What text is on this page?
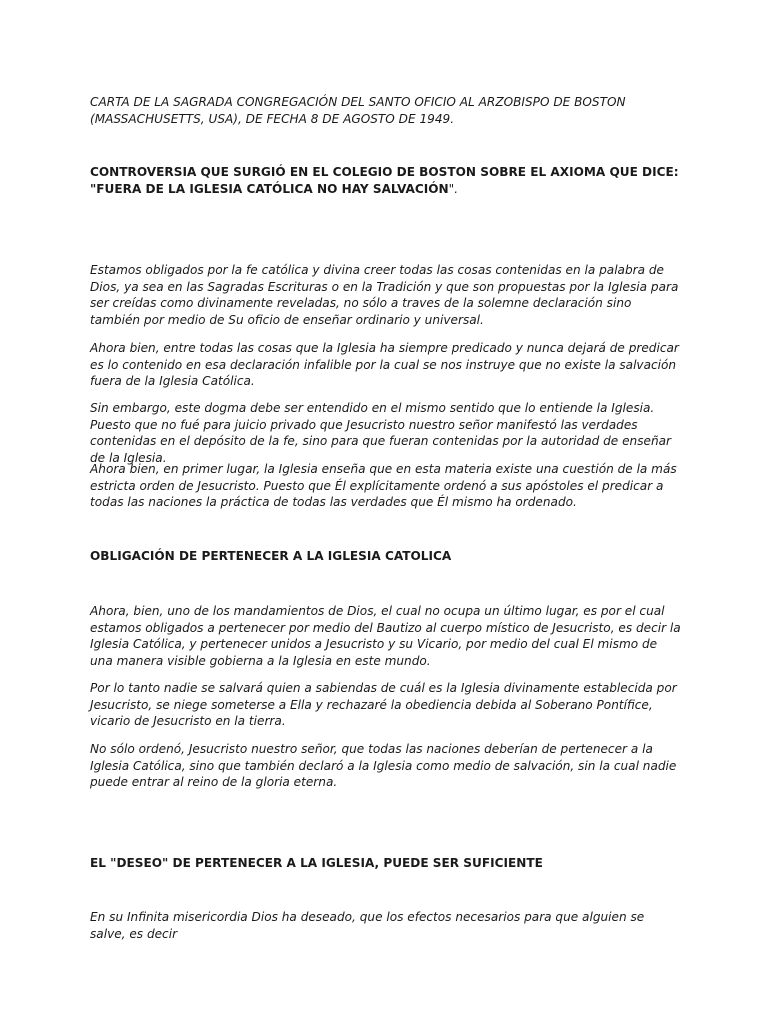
CARTA DE LA SAGRADA CONGREGACIÓN DEL SANTO OFICIO AL ARZOBISPO DE BOSTON (MASSACHUSETTS, USA), DE FECHA 8 DE AGOSTO DE 1949.

CONTROVERSIA QUE SURGIÓ EN EL COLEGIO DE BOSTON SOBRE EL AXIOMA QUE DICE: "FUERA DE LA IGLESIA CATÓLICA NO HAY SALVACIÓN".

Estamos obligados por la fe católica y divina creer todas las cosas contenidas en la palabra de Dios, ya sea en las Sagradas Escrituras o en la Tradición y que son propuestas por la Iglesia para ser creídas como divinamente reveladas, no sólo a traves de la solemne declaración sino también por medio de Su oficio de enseñar ordinario y universal.

Ahora bien, entre todas las cosas que la Iglesia ha siempre predicado y nunca dejará de predicar es lo contenido en esa declaración infalible por la cual se nos instruye que no existe la salvación fuera de la Iglesia Católica.

Sin embargo, este dogma debe ser entendido en el mismo sentido que lo entiende la Iglesia. Puesto que no fué para juicio privado que Jesucristo nuestro señor manifestó las verdades contenidas en el depósito de la fe, sino para que fueran contenidas por la autoridad de enseñar de la Iglesia.

Ahora bien, en primer lugar, la Iglesia enseña que en esta materia existe una cuestión de la más estricta orden de Jesucristo. Puesto que Él explícitamente ordenó a sus apóstoles el predicar a todas las naciones la práctica de todas las verdades que Él mismo ha ordenado.

OBLIGACIÓN DE PERTENECER A LA IGLESIA CATOLICA

Ahora, bien, uno de los mandamientos de Dios, el cual no ocupa un último lugar, es por el cual estamos obligados a pertenecer por medio del Bautizo al cuerpo místico de Jesucristo, es decir la Iglesia Católica, y pertenecer unidos a Jesucristo y su Vicario, por medio del cual El mismo de una manera visible gobierna a la Iglesia en este mundo.

Por lo tanto nadie se salvará quien a sabiendas de cuál es la Iglesia divinamente establecida por Jesucristo, se niege someterse a Ella y rechazaré la obediencia debida al Soberano Pontífice, vicario de Jesucristo en la tierra.

No sólo ordenó, Jesucristo nuestro señor, que todas las naciones deberían de pertenecer a la Iglesia Católica, sino que también declaró a la Iglesia como medio de salvación, sin la cual nadie puede entrar al reino de la gloria eterna.

EL "DESEO" DE PERTENECER A LA IGLESIA, PUEDE SER SUFICIENTE

En su Infinita misericordia Dios ha deseado, que los efectos necesarios para que alguien se salve, es decir
